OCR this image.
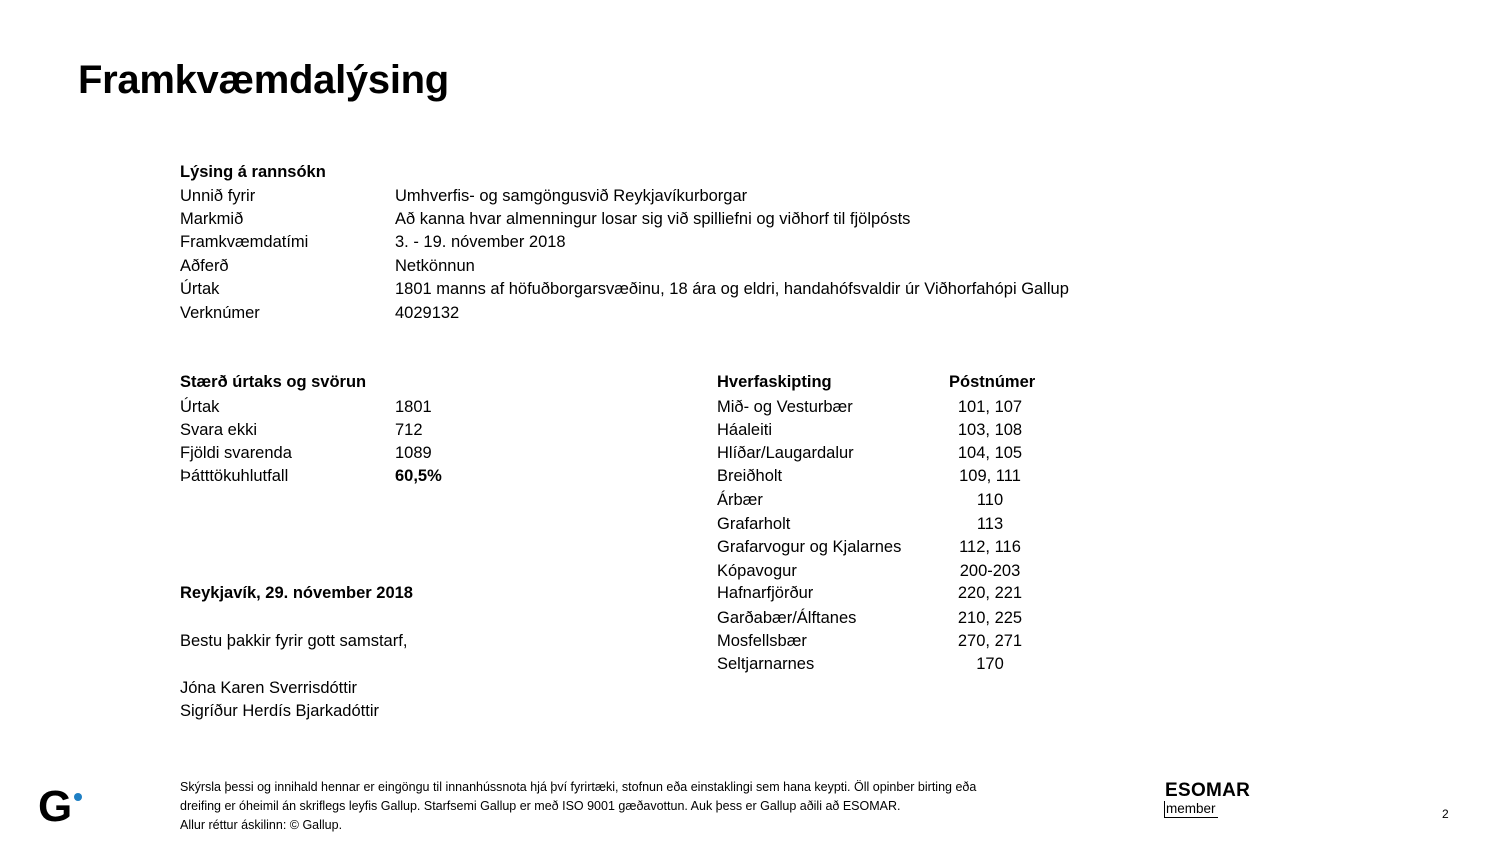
Framkvæmdalýsing
Lýsing á rannsókn
Unnið fyrir	Umhverfis- og samgöngusvið Reykjavíkurborgar
Markmið	Að kanna hvar almenningur losar sig við spilliefni og viðhorf til fjölpósts
Framkvæmdatími	3. - 19. nóvember 2018
Aðferð	Netkönnun
Úrtak	1801 manns af höfuðborgarsvæðinu, 18 ára og eldri, handahófsvaldir úr Viðhorfahópi Gallup
Verknúmer	4029132
Stærð úrtaks og svörun
Úrtak	1801
Svara ekki	712
Fjöldi svarenda	1089
Þátttökuhlutfall	60,5%
Hverfaskipting	Póstnúmer
Mið- og Vesturbær	101, 107
Háaleiti	103, 108
Hlíðar/Laugardalur	104, 105
Breiðholt	109, 111
Árbær	110
Grafarholt	113
Grafarvogur og Kjalarnes	112, 116
Kópavogur	200-203
Hafnarfjörður	220, 221
Garðabær/Álftanes	210, 225
Mosfellsbær	270, 271
Seltjarnarnes	170
Reykjavík, 29. nóvember 2018
Bestu þakkir fyrir gott samstarf,
Jóna Karen Sverrisdóttir
Sigríður Herdís Bjarkadóttir
G	Skýrsla þessi og innihald hennar er eingöngu til innanhússnota hjá því fyrirtæki, stofnun eða einstaklingi sem hana keypti. Öll opinber birting eða
dreifing er óheimil án skriflegs leyfis Gallup. Starfsemi Gallup er með ISO 9001 gæðavottun. Auk þess er Gallup aðili að ESOMAR.
Allur réttur áskilinn: © Gallup.
ESOMAR
member	2
